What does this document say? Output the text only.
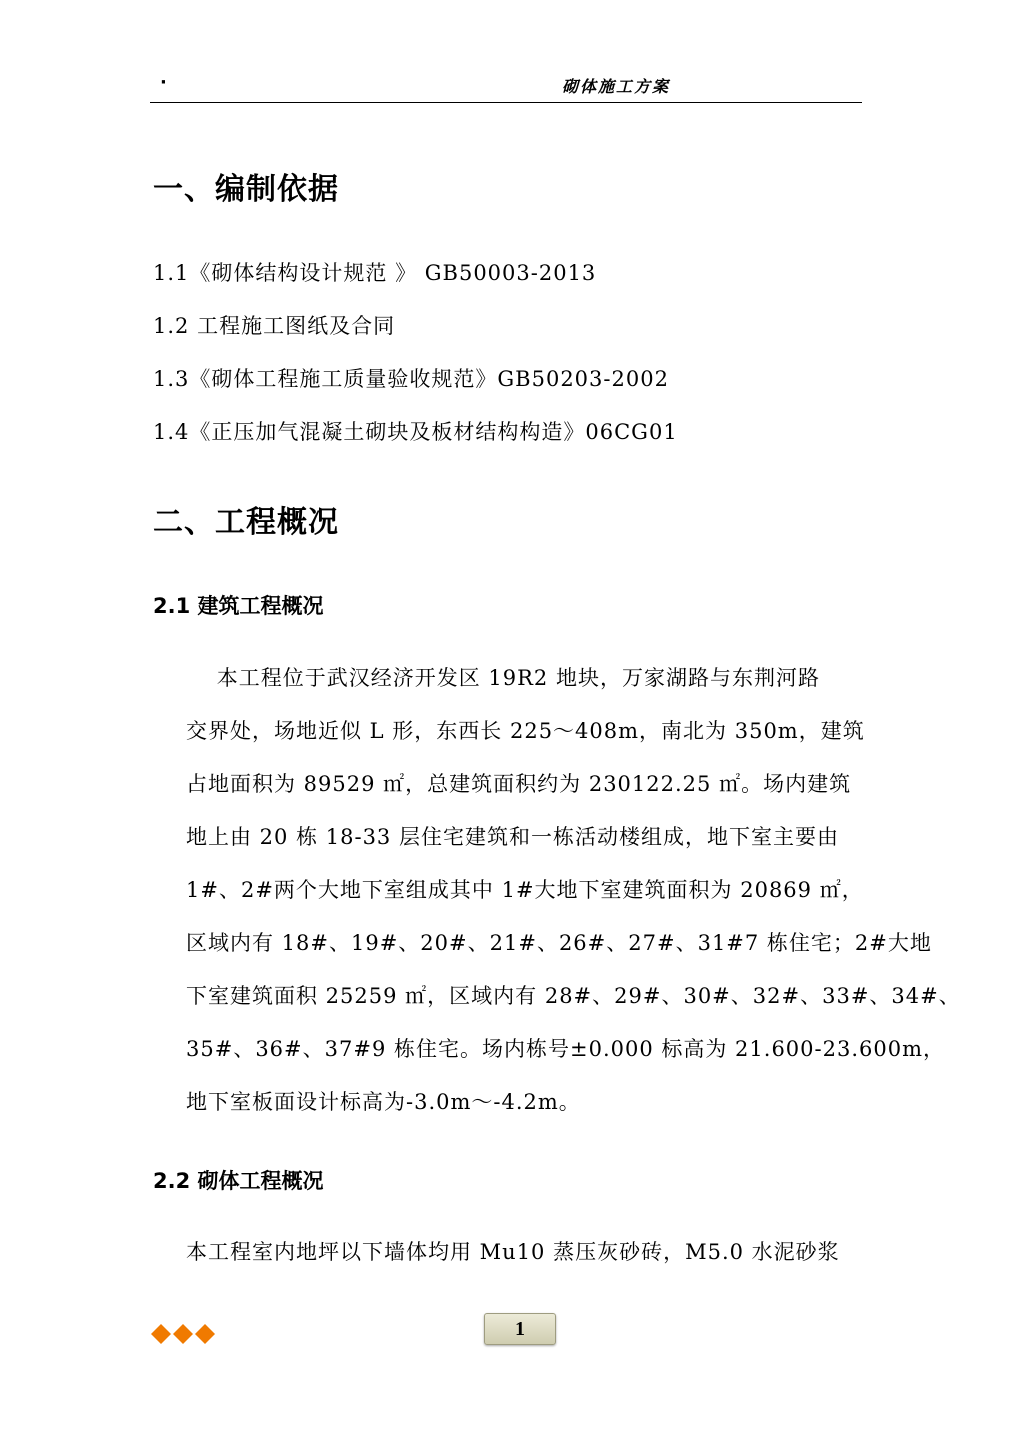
·	砌体施工方案
一、编制依据
1.1《砌体结构设计规范 》 GB50003-2013
1.2 工程施工图纸及合同
1.3《砌体工程施工质量验收规范》GB50203-2002
1.4《正压加气混凝土砌块及板材结构构造》06CG01
二、工程概况
2.1 建筑工程概况
本工程位于武汉经济开发区 19R2 地块，万家湖路与东荆河路
交界处，场地近似 L 形，东西长 225～408m，南北为 350m，建筑
占地面积为 89529 ㎡，总建筑面积约为 230122.25 ㎡。场内建筑
地上由 20 栋 18-33 层住宅建筑和一栋活动楼组成，地下室主要由
1#、2#两个大地下室组成其中 1#大地下室建筑面积为 20869 ㎡，
区域内有 18#、19#、20#、21#、26#、27#、31#7 栋住宅；2#大地
下室建筑面积 25259 ㎡，区域内有 28#、29#、30#、32#、33#、34#、
35#、36#、37#9 栋住宅。场内栋号±0.000 标高为 21.600-23.600m，
地下室板面设计标高为-3.0m～-4.2m。
2.2 砌体工程概况
本工程室内地坪以下墙体均用 Mu10 蒸压灰砂砖，M5.0 水泥砂浆
1
